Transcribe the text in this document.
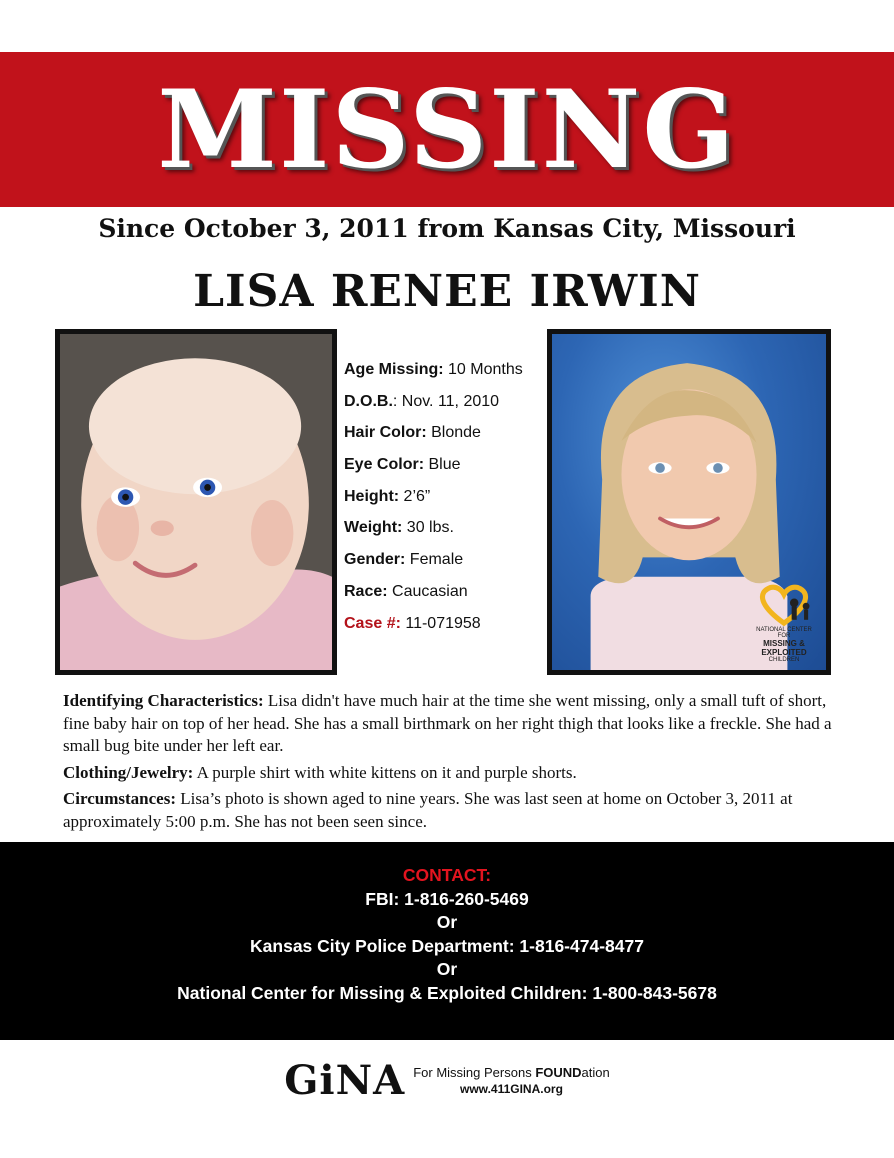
MISSING
Since October 3, 2011 from Kansas City, Missouri
LISA RENEE IRWIN
Age Missing: 10 Months
D.O.B.: Nov. 11, 2010
Hair Color: Blonde
Eye Color: Blue
Height: 2’6”
Weight: 30 lbs.
Gender: Female
Race: Caucasian
Case #: 11-071958	NATIONAL CENTER FOR
MISSING &
EXPLOITED
CHILDREN

Identifying Characteristics: Lisa didn't have much hair at the time she went missing, only a small tuft of short, fine baby hair on top of her head. She has a small birthmark on her right thigh that looks like a freckle. She had a small bug bite under her left ear.

Clothing/Jewelry: A purple shirt with white kittens on it and purple shorts.

Circumstances: Lisa’s photo is shown aged to nine years. She was last seen at home on October 3, 2011 at approximately 5:00 p.m. She has not been seen since.

CONTACT:
FBI: 1-816-260-5469
Or
Kansas City Police Department: 1-816-474-8477
Or
National Center for Missing & Exploited Children: 1-800-843-5678
GiNA For Missing Persons FOUNDation
www.411GINA.org
